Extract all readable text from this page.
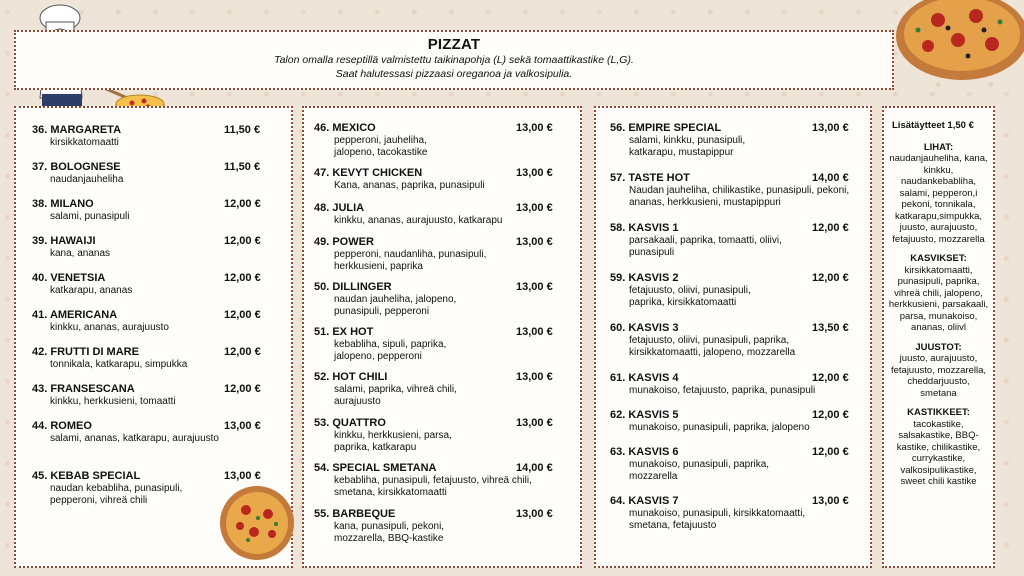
PIZZAT

Talon omalla reseptillä valmistettu taikinapohja (L) sekä tomaattikastike (L,G).

Saat halutessasi pizzaasi oreganoa ja valkosipulia.

36. MARGARETA	11,50 €
kirsikkatomaatti
37. BOLOGNESE	11,50 €
naudanjauheliha
38. MILANO	12,00 €
salami, punasipuli
39. HAWAIJI	12,00 €
kana, ananas
40. VENETSIA	12,00 €
katkarapu, ananas
41. AMERICANA	12,00 €
kinkku, ananas, aurajuusto
42. FRUTTI DI MARE	12,00 €
tonnikala, katkarapu, simpukka
43. FRANSESCANA	12,00 €
kinkku, herkkusieni, tomaatti
44. ROMEO	13,00 €
salami, ananas, katkarapu, aurajuusto
45. KEBAB SPECIAL	13,00 €
naudan kebabliha, punasipuli, pepperoni, vihreä chili
46. MEXICO	13,00 €
pepperoni, jauheliha, jalopeno, tacokastike
47. KEVYT CHICKEN	13,00 €
Kana, ananas, paprika, punasipuli
48. JULIA	13,00 €
kinkku, ananas, aurajuusto, katkarapu
49. POWER	13,00 €
pepperoni, naudanliha, punasipuli, herkkusieni, paprika
50. DILLINGER	13,00 €
naudan jauheliha, jalopeno, punasipuli, pepperoni
51. EX HOT	13,00 €
kebabliha, sipuli, paprika, jalopeno, pepperoni
52. HOT CHILI	13,00 €
salami, paprika, vihreä chili, aurajuusto
53. QUATTRO	13,00 €
kinkku, herkkusieni, parsa, paprika, katkarapu
54. SPECIAL SMETANA	14,00 €
kebabliha, punasipuli, fetajuusto, vihreä chili, smetana, kirsikkatomaatti
55. BARBEQUE	13,00 €
kana, punasipuli, pekoni, mozzarella, BBQ-kastike
56. EMPIRE SPECIAL	13,00 €
salami, kinkku, punasipuli, katkarapu, mustapippur
57. TASTE HOT	14,00 €
Naudan jauheliha, chilikastike, punasipuli, pekoni, ananas, herkkusieni, mustapippuri
58. KASVIS 1	12,00 €
parsakaali, paprika, tomaatti, oliivi, punasipuli
59. KASVIS 2	12,00 €
fetajuusto, oliivi, punasipuli, paprika, kirsikkatomaatti
60. KASVIS 3	13,50 €
fetajuusto, oliivi, punasipuli, paprika, kirsikkatomaatti, jalopeno, mozzarella
61. KASVIS 4	12,00 €
munakoiso, fetajuusto, paprika, punasipuli
62. KASVIS 5	12,00 €
munakoiso, punasipuli, paprika, jalopeno
63. KASVIS 6	12,00 €
munakoiso, punasipuli, paprika, mozzarella
64. KASVIS 7	13,00 €
munakoiso, punasipuli, kirsikkatomaatti, smetana, fetajuusto
Lisätäytteet 1,50 €
LIHAT:
naudanjauheliha, kana, kinkku, naudankebabliha, salami, pepperon,i pekoni, tonnikala, katkarapu,simpukka, juusto, aurajuusto, fetajuusto, mozzarella
KASVIKSET:
kirsikkatomaatti, punasipuli, paprika, vihreä chili, jalopeno, herkkusieni, parsakaali, parsa, munakoiso, ananas, oliivl
JUUSTOT:
juusto, aurajuusto, fetajuusto, mozzarella, cheddarjuusto, smetana
KASTIKKEET:
tacokastike, salsakastike, BBQ-kastike, chilikastike, currykastike, valkosipulikastike, sweet chili kastike
